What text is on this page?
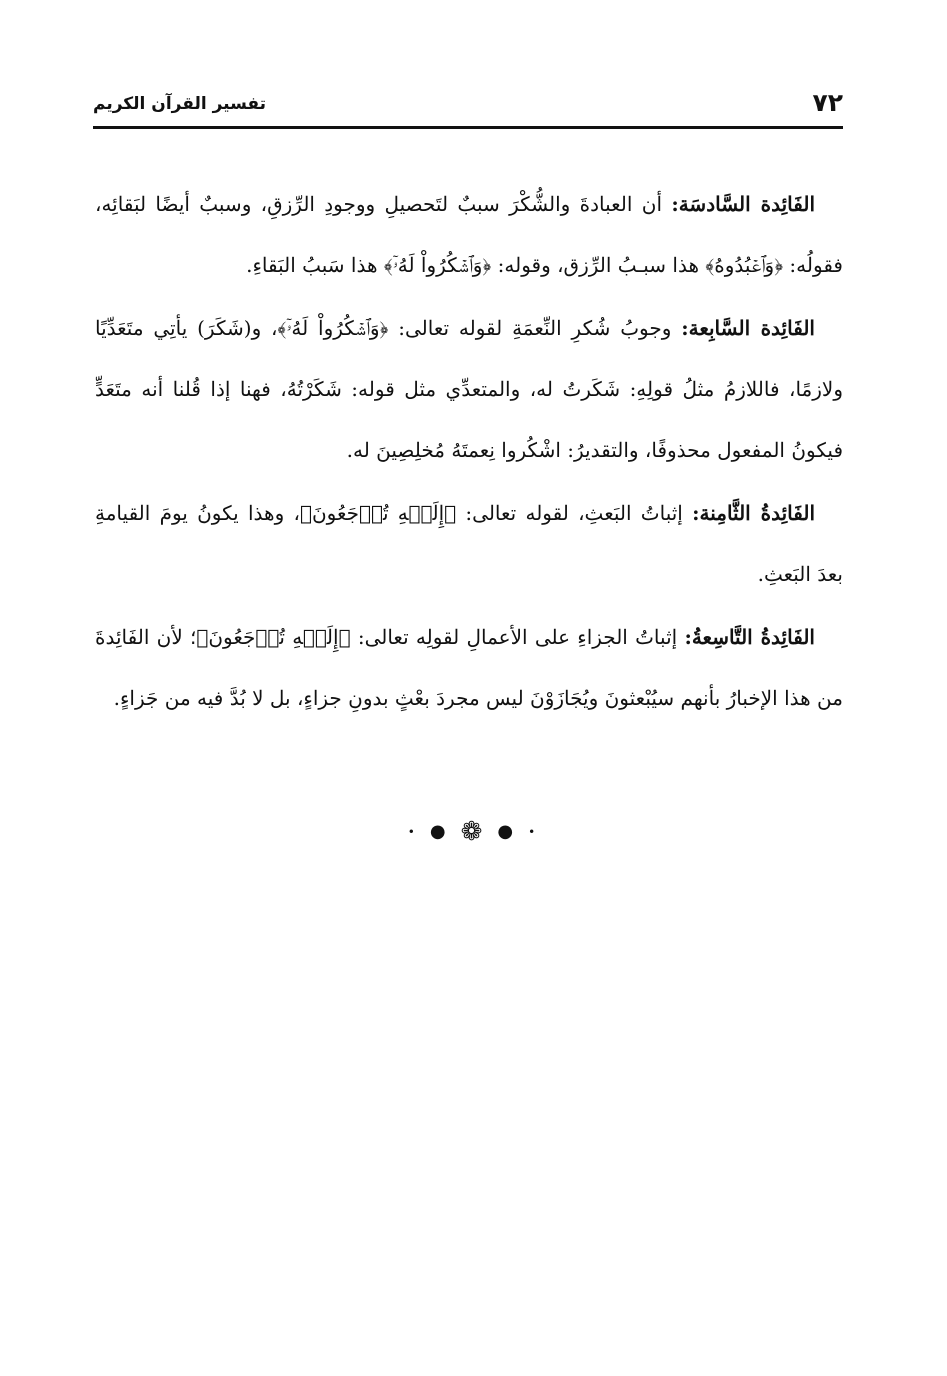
٧٢
تفسير القرآن الكريم

الفَائِدة السَّادسَة: أن العبادةَ والشُّكْرَ سببٌ لتَحصيلِ ووجودِ الرِّزقِ، وسببٌ أيضًا لبَقائِه، فقولُه: ﴿وَٱعۡبُدُوهُ﴾ هذا سبـبُ الرِّزق، وقوله: ﴿وَٱشۡكُرُواْ لَهُۥٓ﴾ هذا سَببُ البَقاءِ.

الفَائِدة السَّابِعة: وجوبُ شُكرِ النِّعمَةِ لقوله تعالى: ﴿وَٱشۡكُرُواْ لَهُۥٓ﴾، و(شَكَرَ) يأتِي متَعَدِّيًا ولازمًا، فاللازمُ مثلُ قولِهِ: شَكَرتُ له، والمتعدِّي مثل قوله: شَكَرْتُهُ، فهنا إذا قُلنا أنه متَعَدٍّ فيكونُ المفعول محذوفًا، والتقديرُ: اشْكُروا نِعمتَهُ مُخلِصِينَ له.

الفَائِدةُ الثَّامِنة: إثباتُ البَعثِ، لقوله تعالى: ﴿إِلَيۡهِ تُرۡجَعُونَ﴾، وهذا يكونُ يومَ القيامةِ بعدَ البَعثِ.

الفَائِدةُ التَّاسِعةُ: إثباتُ الجزاءِ على الأعمالِ لقولِه تعالى: ﴿إِلَيۡهِ تُرۡجَعُونَ﴾؛ لأن الفَائِدةَ من هذا الإخبارُ بأنهم سيُبْعثونَ ويُجَازَوْنَ ليس مجردَ بعْثٍ بدونِ جزاءٍ، بل لا بُدَّ فيه من جَزاءٍ.

• ● ❁ ● •
